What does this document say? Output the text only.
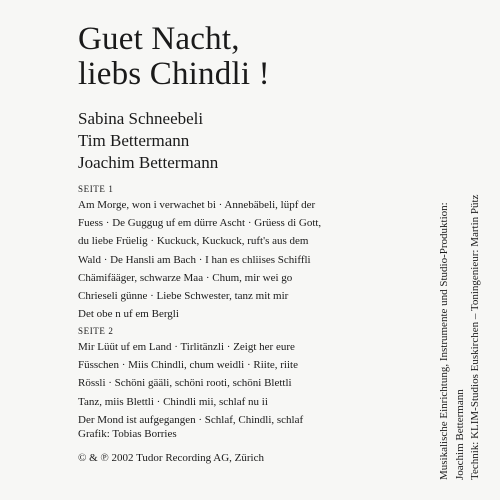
Guet Nacht,
liebs Chindli !
Sabina Schneebeli
Tim Bettermann
Joachim Bettermann
SEITE 1
Am Morge, won i verwachet bi · Annebäbeli, lüpf der
Fuess · De Guggug uf em dürre Ascht · Grüess di Gott,
du liebe Früelig · Kuckuck, Kuckuck, ruft's aus dem
Wald · De Hansli am Bach · I han es chliises Schiffli
Chämifääger, schwarze Maa · Chum, mir wei go
Chrieseli günne · Liebe Schwester, tanz mit mir
Det obe n uf em Bergli
SEITE 2
Mir Lüüt uf em Land · Tirlitänzli · Zeigt her eure
Füsschen · Miis Chindli, chum weidli · Riite, riite
Rössli · Schöni gääli, schöni rooti, schöni Blettli
Tanz, miis Blettli · Chindli mii, schlaf nu ii
Der Mond ist aufgegangen · Schlaf, Chindli, schlaf
Grafik: Tobias Borries
© & ℗ 2002 Tudor Recording AG, Zürich	Musikalische Einrichtung, Instrumente und Studio-Produktion: Joachim Bettermann Technik: KLIM-Studios Euskirchen – Toningenieur: Martin Pütz
